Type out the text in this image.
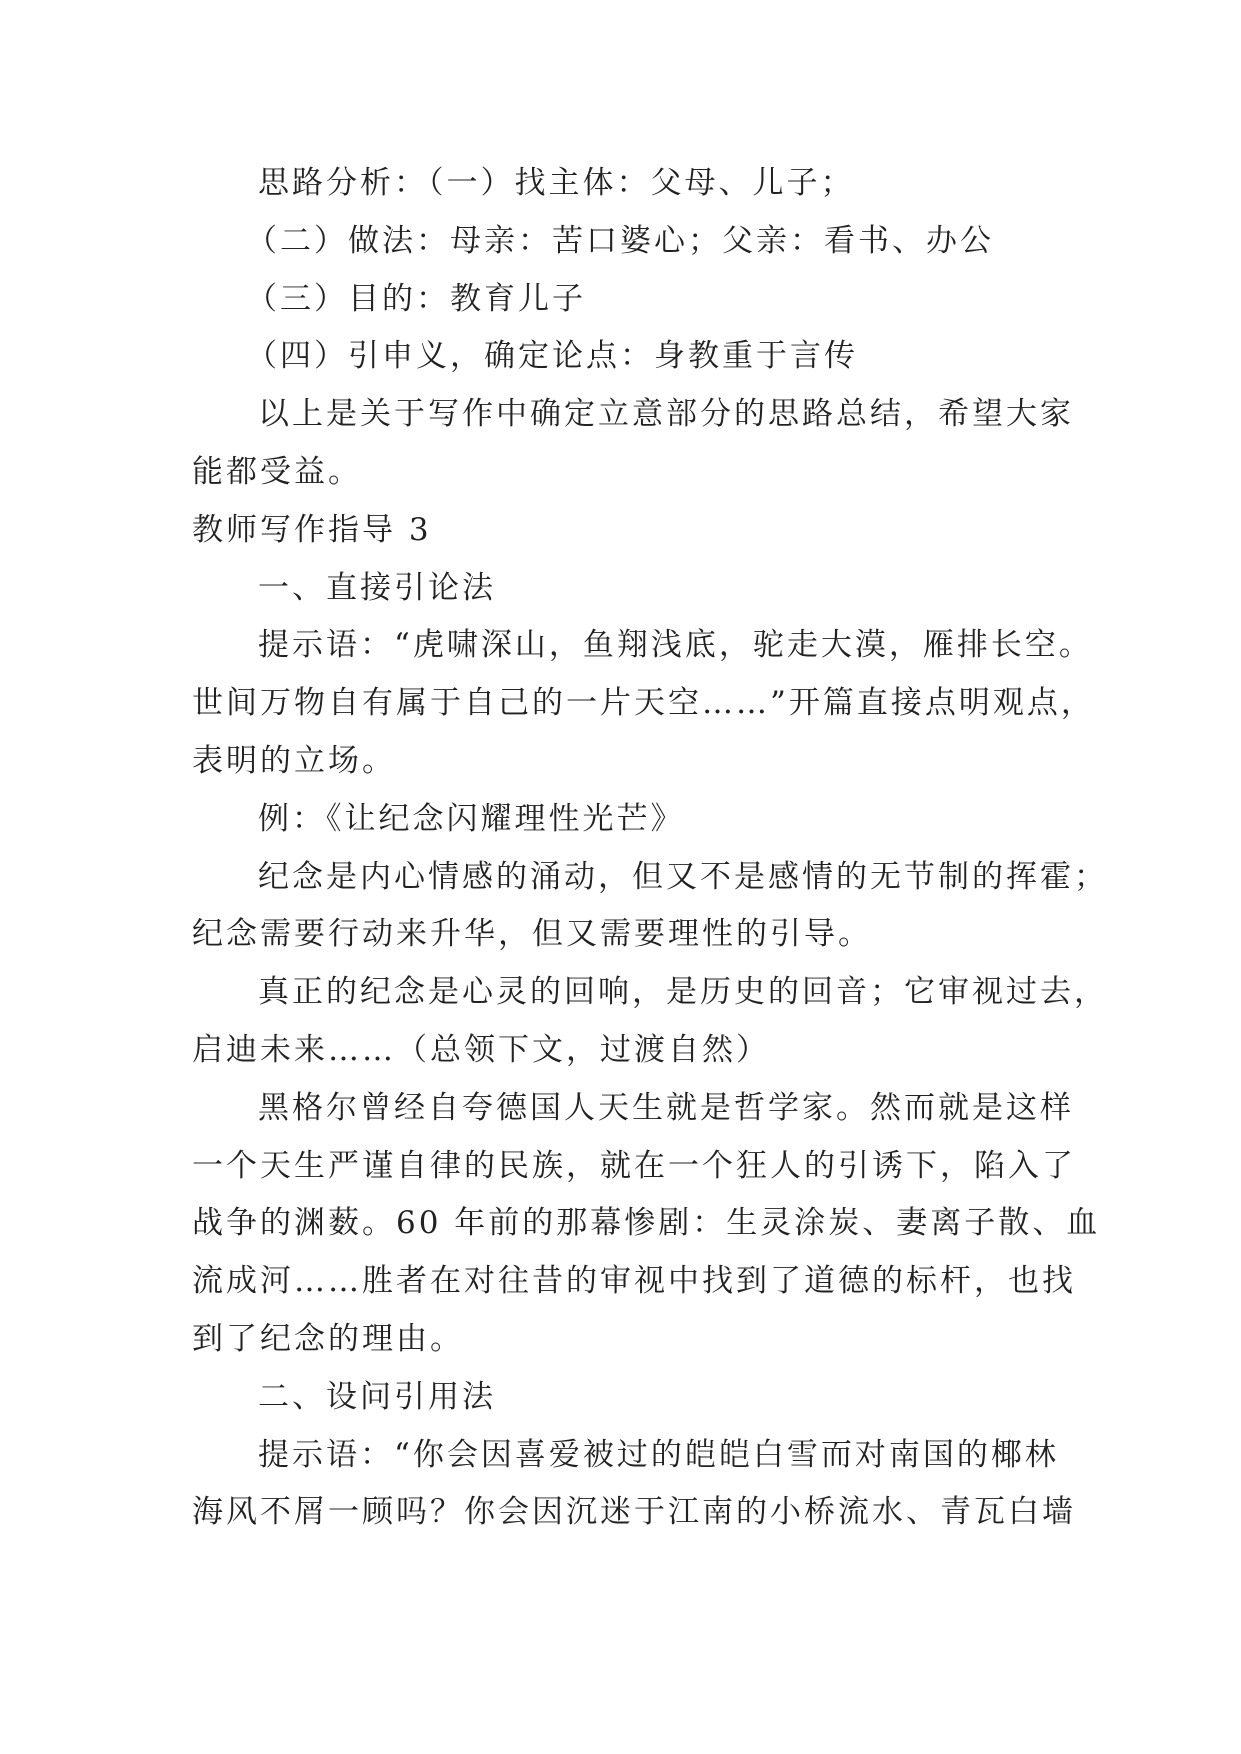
思路分析：（一）找主体：父母、儿子；
（二）做法：母亲：苦口婆心；父亲：看书、办公
（三）目的：教育儿子
（四）引申义，确定论点：身教重于言传
以上是关于写作中确定立意部分的思路总结，希望大家
能都受益。
教师写作指导 3
一、直接引论法
提示语：“虎啸深山，鱼翔浅底，驼走大漠，雁排长空。
世间万物自有属于自己的一片天空……”开篇直接点明观点，
表明的立场。
例：《让纪念闪耀理性光芒》
纪念是内心情感的涌动，但又不是感情的无节制的挥霍；
纪念需要行动来升华，但又需要理性的引导。
真正的纪念是心灵的回响，是历史的回音；它审视过去，
启迪未来……（总领下文，过渡自然）
黑格尔曾经自夸德国人天生就是哲学家。然而就是这样
一个天生严谨自律的民族，就在一个狂人的引诱下，陷入了
战争的渊薮。60 年前的那幕惨剧：生灵涂炭、妻离子散、血
流成河……胜者在对往昔的审视中找到了道德的标杆，也找
到了纪念的理由。
二、设问引用法
提示语：“你会因喜爱被过的皑皑白雪而对南国的椰林
海风不屑一顾吗？你会因沉迷于江南的小桥流水、青瓦白墙
